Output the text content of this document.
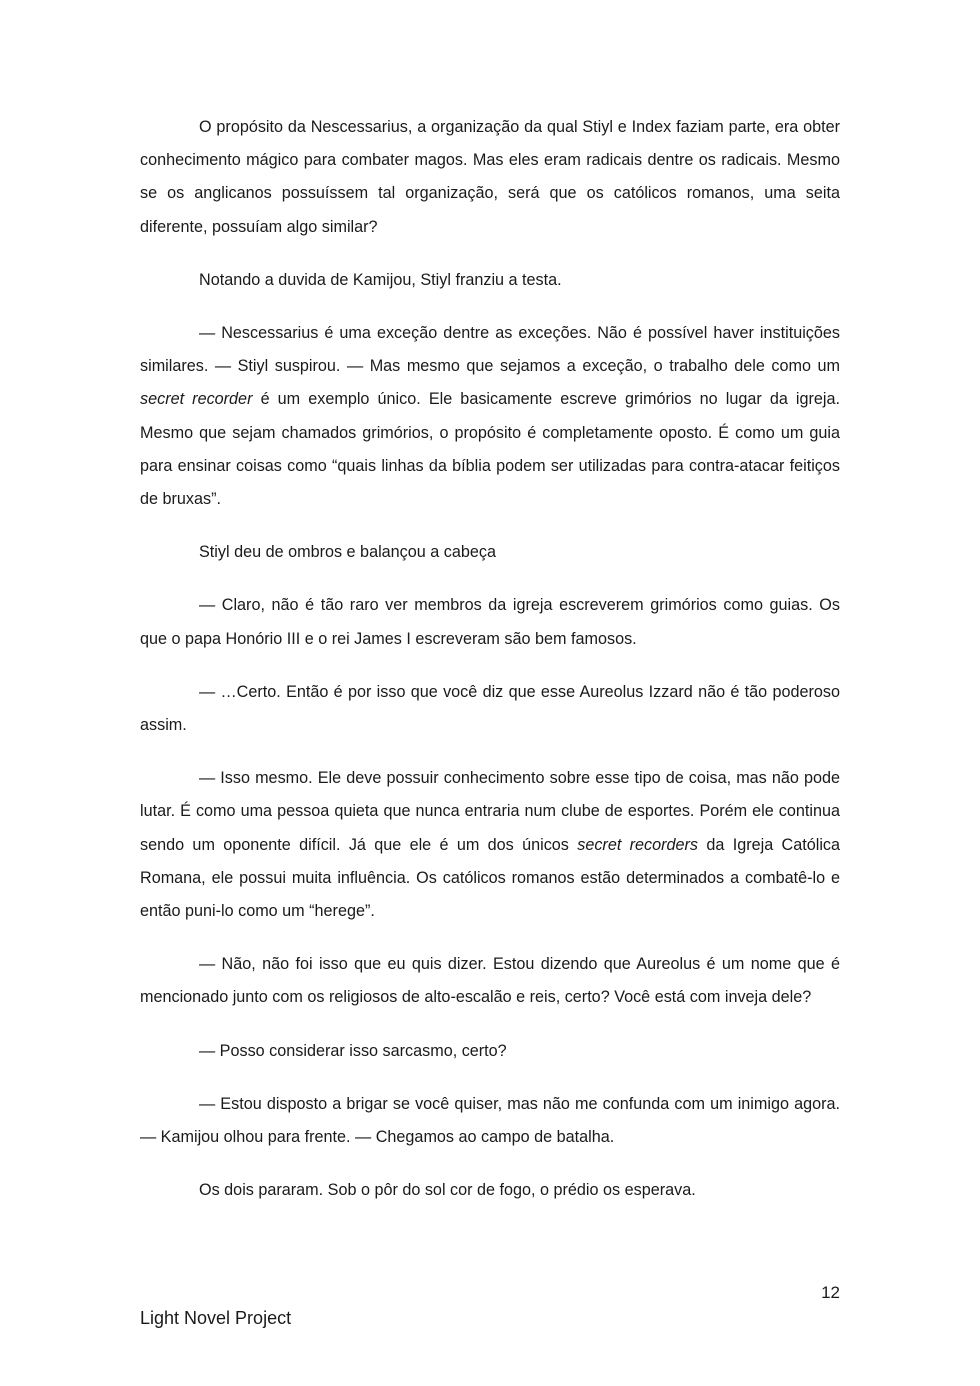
O propósito da Nescessarius, a organização da qual Stiyl e Index faziam parte, era obter conhecimento mágico para combater magos. Mas eles eram radicais dentre os radicais. Mesmo se os anglicanos possuíssem tal organização, será que os católicos romanos, uma seita diferente, possuíam algo similar?

Notando a duvida de Kamijou, Stiyl franziu a testa.

— Nescessarius é uma exceção dentre as exceções. Não é possível haver instituições similares. — Stiyl suspirou. — Mas mesmo que sejamos a exceção, o trabalho dele como um secret recorder é um exemplo único. Ele basicamente escreve grimórios no lugar da igreja. Mesmo que sejam chamados grimórios, o propósito é completamente oposto. É como um guia para ensinar coisas como “quais linhas da bíblia podem ser utilizadas para contra-atacar feitiços de bruxas”.

Stiyl deu de ombros e balançou a cabeça

— Claro, não é tão raro ver membros da igreja escreverem grimórios como guias. Os que o papa Honório III e o rei James I escreveram são bem famosos.

— …Certo. Então é por isso que você diz que esse Aureolus Izzard não é tão poderoso assim.

— Isso mesmo. Ele deve possuir conhecimento sobre esse tipo de coisa, mas não pode lutar. É como uma pessoa quieta que nunca entraria num clube de esportes. Porém ele continua sendo um oponente difícil. Já que ele é um dos únicos secret recorders da Igreja Católica Romana, ele possui muita influência. Os católicos romanos estão determinados a combatê-lo e então puni-lo como um “herege”.

— Não, não foi isso que eu quis dizer. Estou dizendo que Aureolus é um nome que é mencionado junto com os religiosos de alto-escalão e reis, certo? Você está com inveja dele?

— Posso considerar isso sarcasmo, certo?

— Estou disposto a brigar se você quiser, mas não me confunda com um inimigo agora. — Kamijou olhou para frente. — Chegamos ao campo de batalha.

Os dois pararam. Sob o pôr do sol cor de fogo, o prédio os esperava.

12
Light Novel Project
